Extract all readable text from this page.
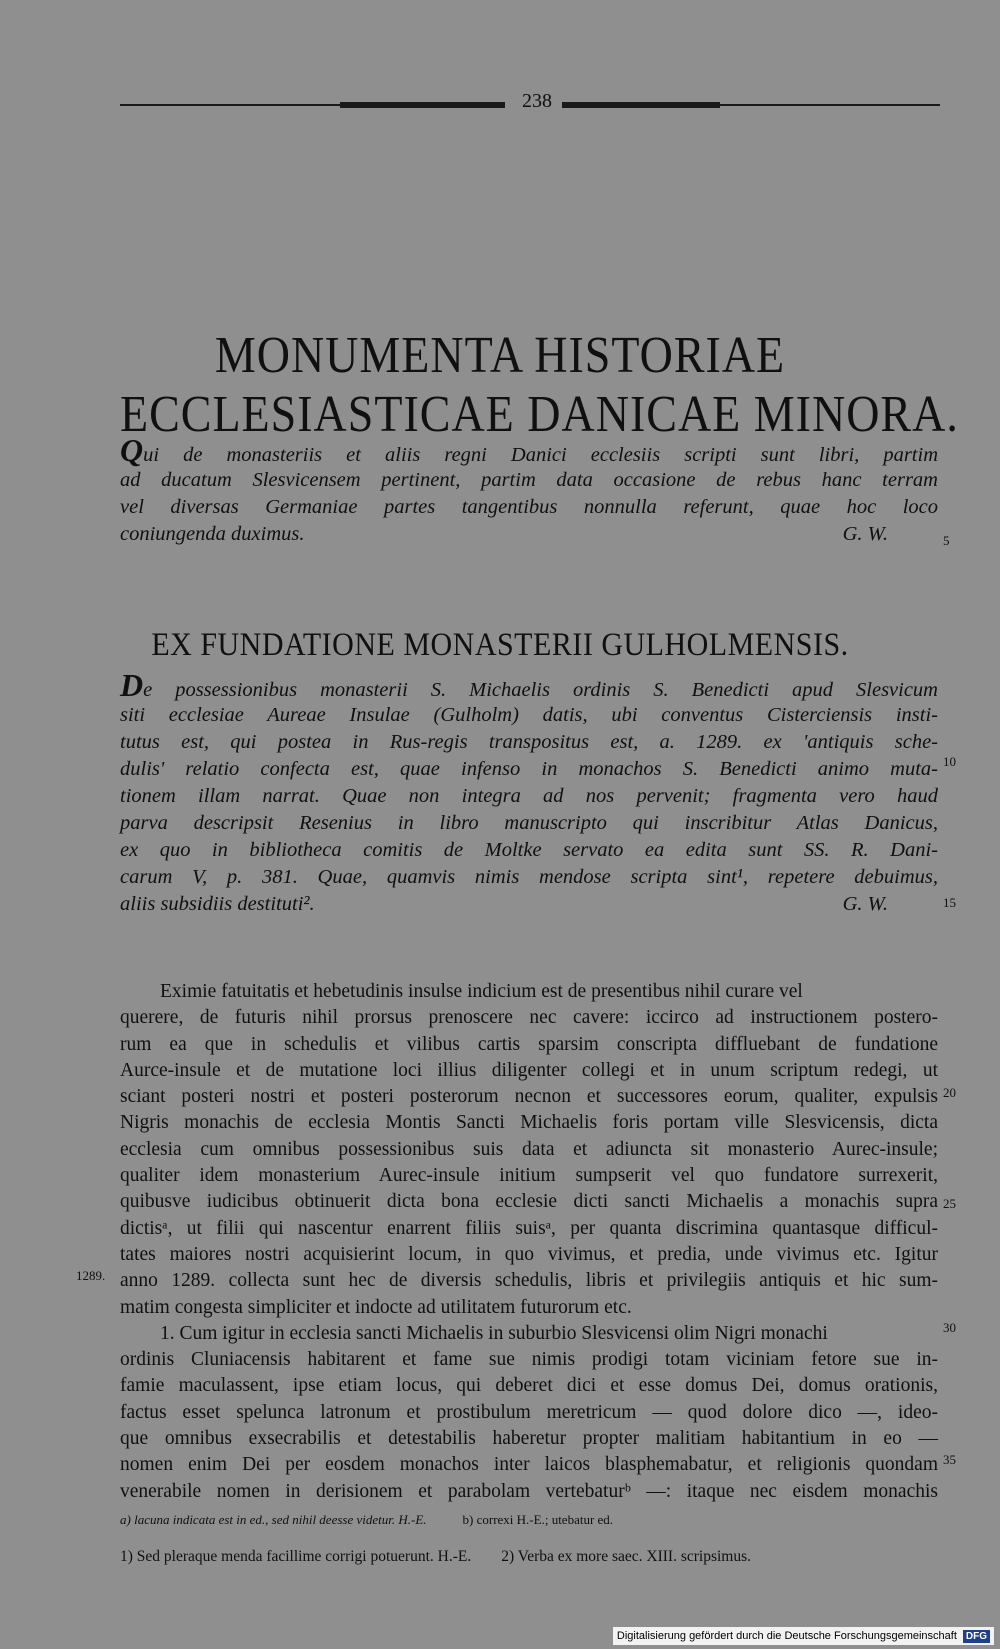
238
MONUMENTA HISTORIAE
ECCLESIASTICAE DANICAE MINORA.
Qui de monasteriis et aliis regni Danici ecclesiis scripti sunt libri, partim
ad ducatum Slesvicensem pertinent, partim data occasione de rebus hanc terram
vel diversas Germaniae partes tangentibus nonnulla referunt, quae hoc loco
coniungenda duximus.	G. W.	5
EX FUNDATIONE MONASTERII GULHOLMENSIS.
De possessionibus monasterii S. Michaelis ordinis S. Benedicti apud Slesvicum
siti ecclesiae Aureae Insulae (Gulholm) datis, ubi conventus Cisterciensis insti-
tutus est, qui postea in Rus-regis transpositus est, a. 1289. ex 'antiquis sche-
dulis' relatio confecta est, quae infenso in monachos S. Benedicti animo muta-
tionem illam narrat. Quae non integra ad nos pervenit; fragmenta vero haud
parva descripsit Resenius in libro manuscripto qui inscribitur Atlas Danicus,
ex quo in bibliotheca comitis de Moltke servato ea edita sunt SS. R. Dani-
carum V, p. 381. Quae, quamvis nimis mendose scripta sint¹, repetere debuimus,
aliis subsidiis destituti².	G. W.
10
15
Eximie fatuitatis et hebetudinis insulse indicium est de presentibus nihil curare vel
querere, de futuris nihil prorsus prenoscere nec cavere: iccirco ad instructionem postero-
rum ea que in schedulis et vilibus cartis sparsim conscripta diffluebant de fundatione
Aurce-insule et de mutatione loci illius diligenter collegi et in unum scriptum redegi, ut
sciant posteri nostri et posteri posterorum necnon et successores eorum, qualiter, expulsis
Nigris monachis de ecclesia Montis Sancti Michaelis foris portam ville Slesvicensis, dicta
ecclesia cum omnibus possessionibus suis data et adiuncta sit monasterio Aurec-insule;
qualiter idem monasterium Aurec-insule initium sumpserit vel quo fundatore surrexerit,
quibusve iudicibus obtinuerit dicta bona ecclesie dicti sancti Michaelis a monachis supra
dictisᵃ, ut filii qui nascentur enarrent filiis suisᵃ, per quanta discrimina quantasque difficul-
tates maiores nostri acquisierint locum, in quo vivimus, et predia, unde vivimus etc. Igitur
anno 1289. collecta sunt hec de diversis schedulis, libris et privilegiis antiquis et hic sum-
matim congesta simpliciter et indocte ad utilitatem futurorum etc.
1. Cum igitur in ecclesia sancti Michaelis in suburbio Slesvicensi olim Nigri monachi
ordinis Cluniacensis habitarent et fame sue nimis prodigi totam viciniam fetore sue in-
famie maculassent, ipse etiam locus, qui deberet dici et esse domus Dei, domus orationis,
factus esset spelunca latronum et prostibulum meretricum — quod dolore dico —, ideo-
que omnibus exsecrabilis et detestabilis haberetur propter malitiam habitantium in eo —
nomen enim Dei per eosdem monachos inter laicos blasphemabatur, et religionis quondam
venerabile nomen in derisionem et parabolam vertebaturᵇ —: itaque nec eisdem monachis
20
25
30
35
1289.
a) lacuna indicata est in ed., sed nihil deesse videtur. H.-E.	b) correxi H.-E.; utebatur ed.
1) Sed pleraque menda facillime corrigi potuerunt. H.-E. 2) Verba ex more saec. XIII. scripsimus.
Digitalisierung gefördert durch die Deutsche Forschungsgemeinschaft DFG
